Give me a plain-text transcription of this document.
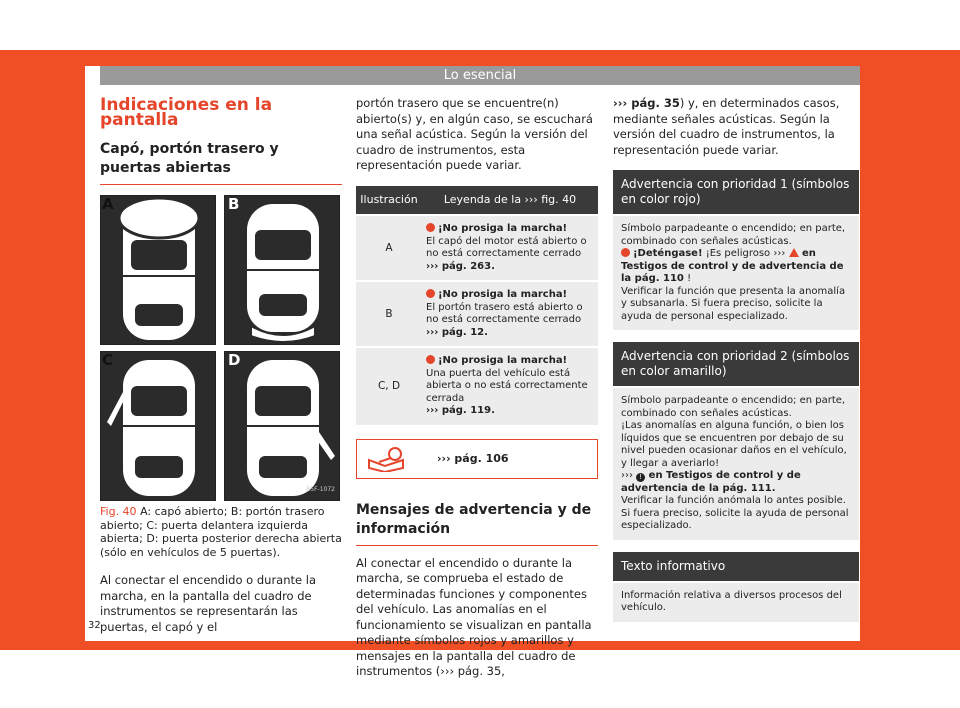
Lo esencial
Indicaciones en la pantalla
Capó, portón trasero y puertas abiertas
A	B
C
B5F-1072
D
Fig. 40 A: capó abierto; B: portón trasero abierto; C: puerta delantera izquierda abierta; D: puerta posterior derecha abierta (sólo en vehículos de 5 puertas).
Al conectar el encendido o durante la marcha, en la pantalla del cuadro de instrumentos se representarán las puertas, el capó y el
portón trasero que se encuentre(n) abierto(s) y, en algún caso, se escuchará una señal acústica. Según la versión del cuadro de instrumentos, esta representación puede variar.
Ilustración	Leyenda de la ››› fig. 40
A	¡No prosiga la marcha!
El capó del motor está abierto o no está correctamente cerrado
››› pág. 263.
B	¡No prosiga la marcha!
El portón trasero está abierto o no está correctamente cerrado ››› pág. 12.
C, D	¡No prosiga la marcha!
Una puerta del vehículo está abierta o no está correctamente cerrada
››› pág. 119.
››› pág. 106
Mensajes de advertencia y de información
Al conectar el encendido o durante la marcha, se comprueba el estado de determinadas funciones y componentes del vehículo. Las anomalías en el funcionamiento se visualizan en pantalla mediante símbolos rojos y amarillos y mensajes en la pantalla del cuadro de instrumentos (››› pág. 35,
››› pág. 35) y, en determinados casos, mediante señales acústicas. Según la versión del cuadro de instrumentos, la representación puede variar.
Advertencia con prioridad 1 (símbolos en color rojo)
Símbolo parpadeante o encendido; en parte, combinado con señales acústicas.
¡Deténgase! ¡Es peligroso ›››  en Testigos de control y de advertencia de la pág. 110 !
Verificar la función que presenta la anomalía y subsanarla. Si fuera preciso, solicite la ayuda de personal especializado.
Advertencia con prioridad 2 (símbolos en color amarillo)
Símbolo parpadeante o encendido; en parte, combinado con señales acústicas.
¡Las anomalías en alguna función, o bien los líquidos que se encuentren por debajo de su nivel pueden ocasionar daños en el vehículo, y llegar a averiarlo!
››› ! en Testigos de control y de advertencia de la pág. 111.
Verificar la función anómala lo antes posible. Si fuera preciso, solicite la ayuda de personal especializado.
Texto informativo
Información relativa a diversos procesos del vehículo.
32
